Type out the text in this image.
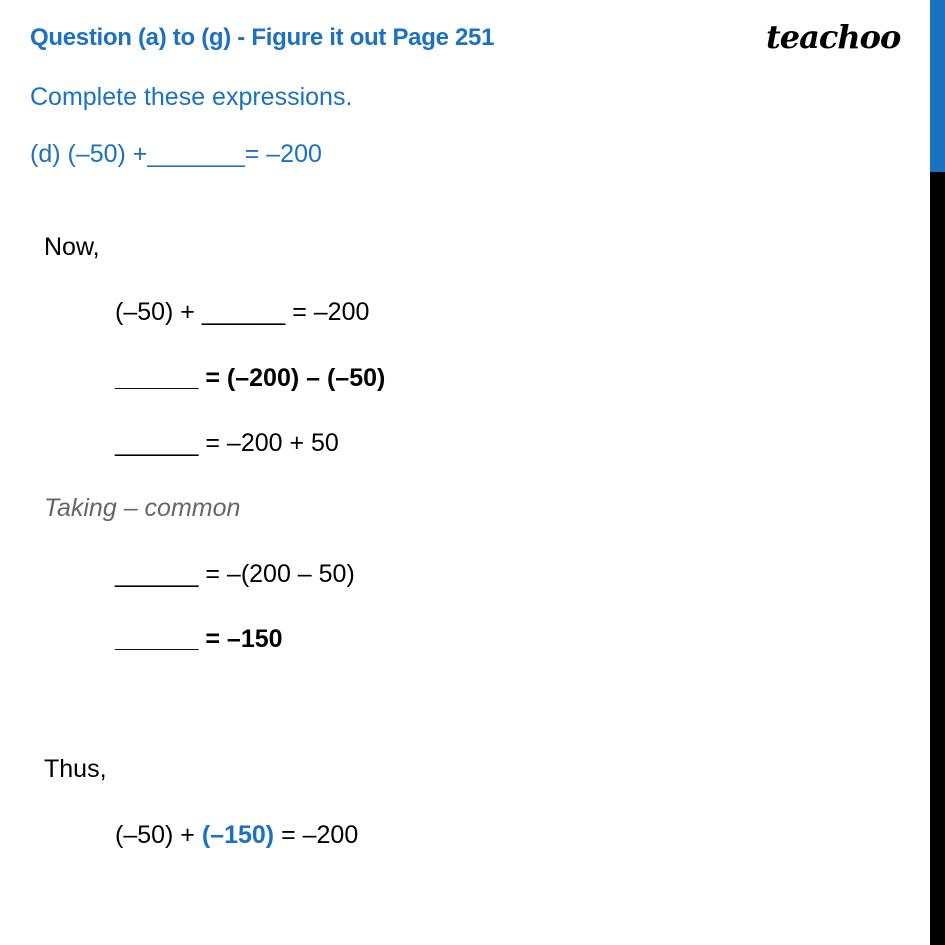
Question (a) to (g) - Figure it out Page 251	teachoo
Complete these expressions.
(d) (–50) +_______= –200
Now,
(–50) + ______ = –200
______ = (–200) – (–50)
______ = –200 + 50
Taking – common
______ = –(200 – 50)
______ = –150
Thus,
(–50) + (–150) = –200
